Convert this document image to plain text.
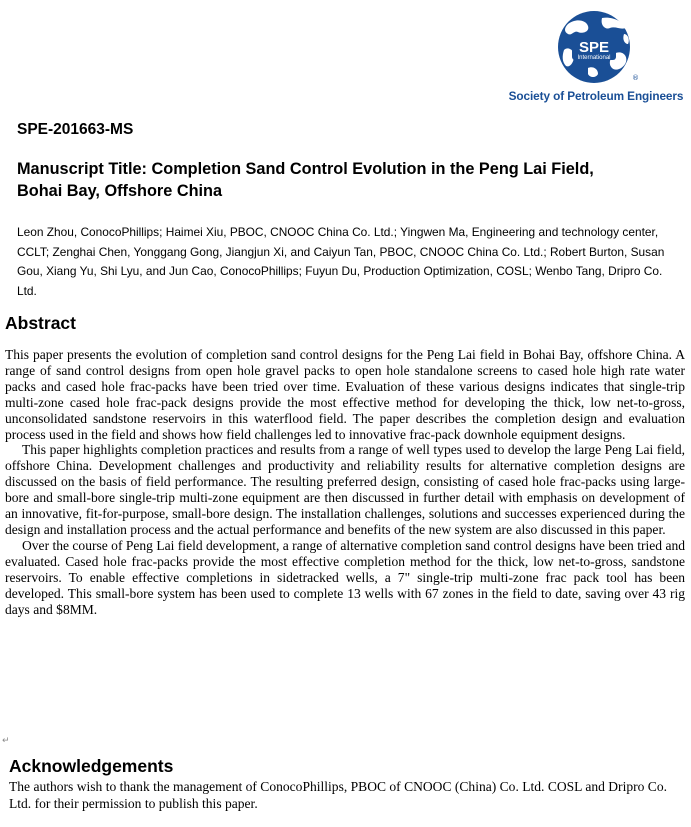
SPE
International
®
Society of Petroleum Engineers
SPE-201663-MS
Manuscript Title: Completion Sand Control Evolution in the Peng Lai Field,
Bohai Bay, Offshore China
Leon Zhou, ConocoPhillips; Haimei Xiu, PBOC, CNOOC China Co. Ltd.; Yingwen Ma, Engineering and technology center, CCLT; Zenghai Chen, Yonggang Gong, Jiangjun Xi, and Caiyun Tan, PBOC, CNOOC China Co. Ltd.; Robert Burton, Susan Gou, Xiang Yu, Shi Lyu, and Jun Cao, ConocoPhillips; Fuyun Du, Production Optimization, COSL; Wenbo Tang, Dripro Co. Ltd.
Abstract

This paper presents the evolution of completion sand control designs for the Peng Lai field in Bohai Bay, offshore China. A range of sand control designs from open hole gravel packs to open hole standalone screens to cased hole high rate water packs and cased hole frac-packs have been tried over time. Evaluation of these various designs indicates that single-trip multi-zone cased hole frac-pack designs provide the most effective method for developing the thick, low net-to-gross, unconsolidated sandstone reservoirs in this waterflood field. The paper describes the completion design and evaluation process used in the field and shows how field challenges led to innovative frac-pack downhole equipment designs.

This paper highlights completion practices and results from a range of well types used to develop the large Peng Lai field, offshore China. Development challenges and productivity and reliability results for alternative completion designs are discussed on the basis of field performance. The resulting preferred design, consisting of cased hole frac-packs using large-bore and small-bore single-trip multi-zone equipment are then discussed in further detail with emphasis on development of an innovative, fit-for-purpose, small-bore design. The installation challenges, solutions and successes experienced during the design and installation process and the actual performance and benefits of the new system are also discussed in this paper.

Over the course of Peng Lai field development, a range of alternative completion sand control designs have been tried and evaluated. Cased hole frac-packs provide the most effective completion method for the thick, low net-to-gross, sandstone reservoirs. To enable effective completions in sidetracked wells, a 7" single-trip multi-zone frac pack tool has been developed. This small-bore system has been used to complete 13 wells with 67 zones in the field to date, saving over 43 rig days and $8MM.

↵
Acknowledgements
The authors wish to thank the management of ConocoPhillips, PBOC of CNOOC (China) Co. Ltd. COSL and Dripro Co. Ltd. for their permission to publish this paper.
